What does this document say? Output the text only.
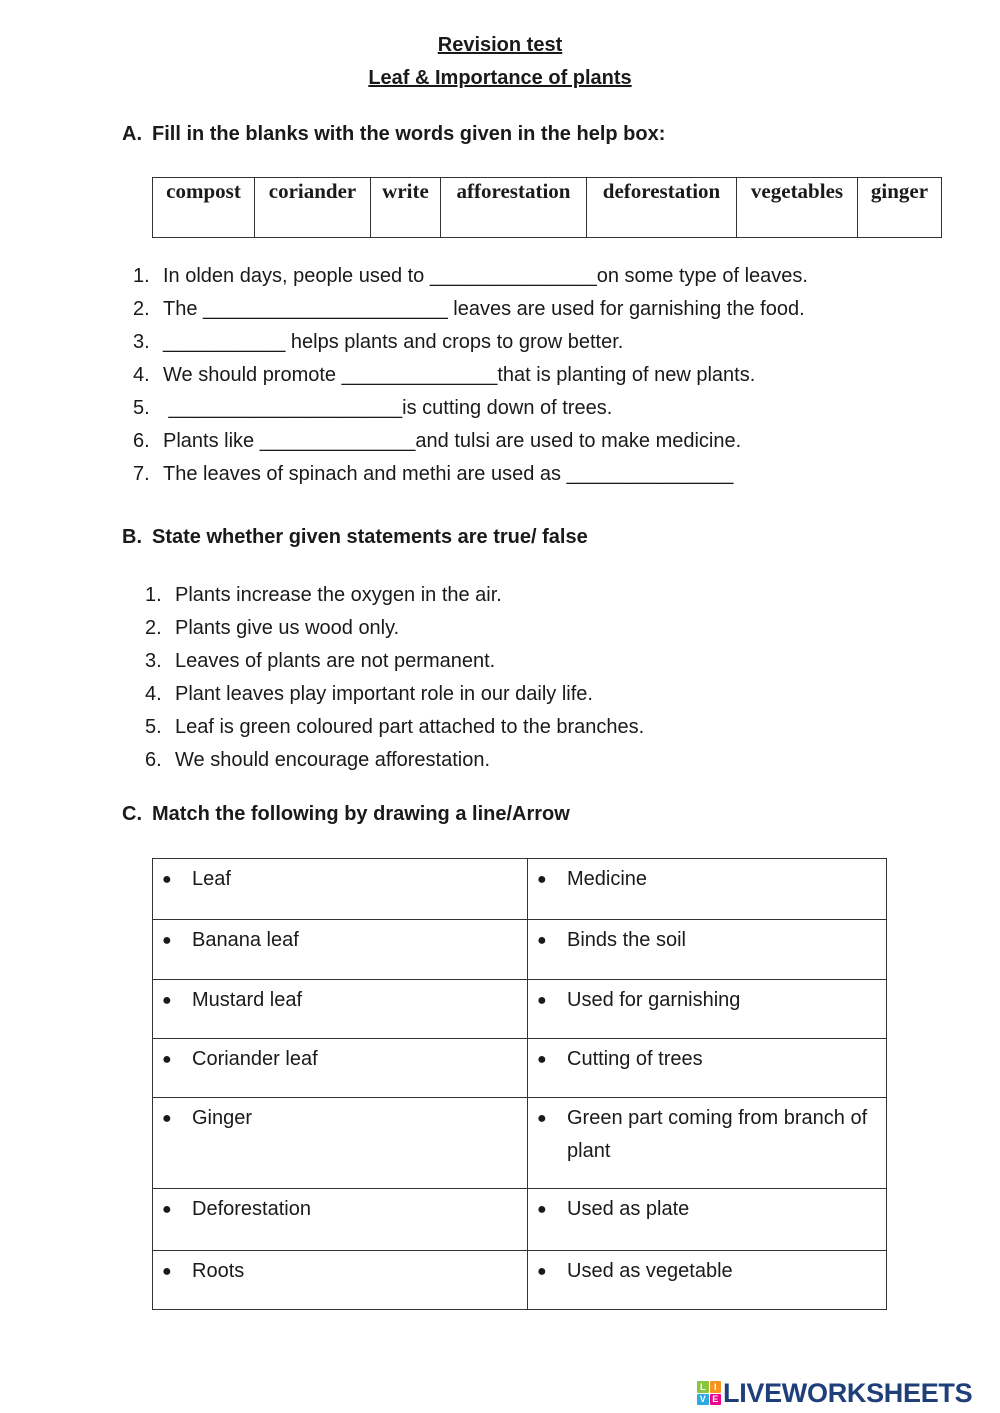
Revision test
Leaf & Importance of plants
A. Fill in the blanks with the words given in the help box:
compost	coriander	write	afforestation	deforestation	vegetables	ginger
1. In olden days, people used to _______________on some type of leaves.
2. The ______________________ leaves are used for garnishing the food.
3. ___________ helps plants and crops to grow better.
4. We should promote ______________that is planting of new plants.
5. _____________________is cutting down of trees.
6. Plants like ______________and tulsi are used to make medicine.
7. The leaves of spinach and methi are used as _______________
B. State whether given statements are true/ false
1. Plants increase the oxygen in the air.
2. Plants give us wood only.
3. Leaves of plants are not permanent.
4. Plant leaves play important role in our daily life.
5. Leaf is green coloured part attached to the branches.
6. We should encourage afforestation.
C. Match the following by drawing a line/Arrow
● Leaf	● Medicine

● Banana leaf	● Binds the soil

● Mustard leaf	● Used for garnishing

● Coriander leaf	● Cutting of trees

● Ginger	● Green part coming from branch of plant

● Deforestation	● Used as plate

● Roots	● Used as vegetable
L I
V E LIVEWORKSHEETS
